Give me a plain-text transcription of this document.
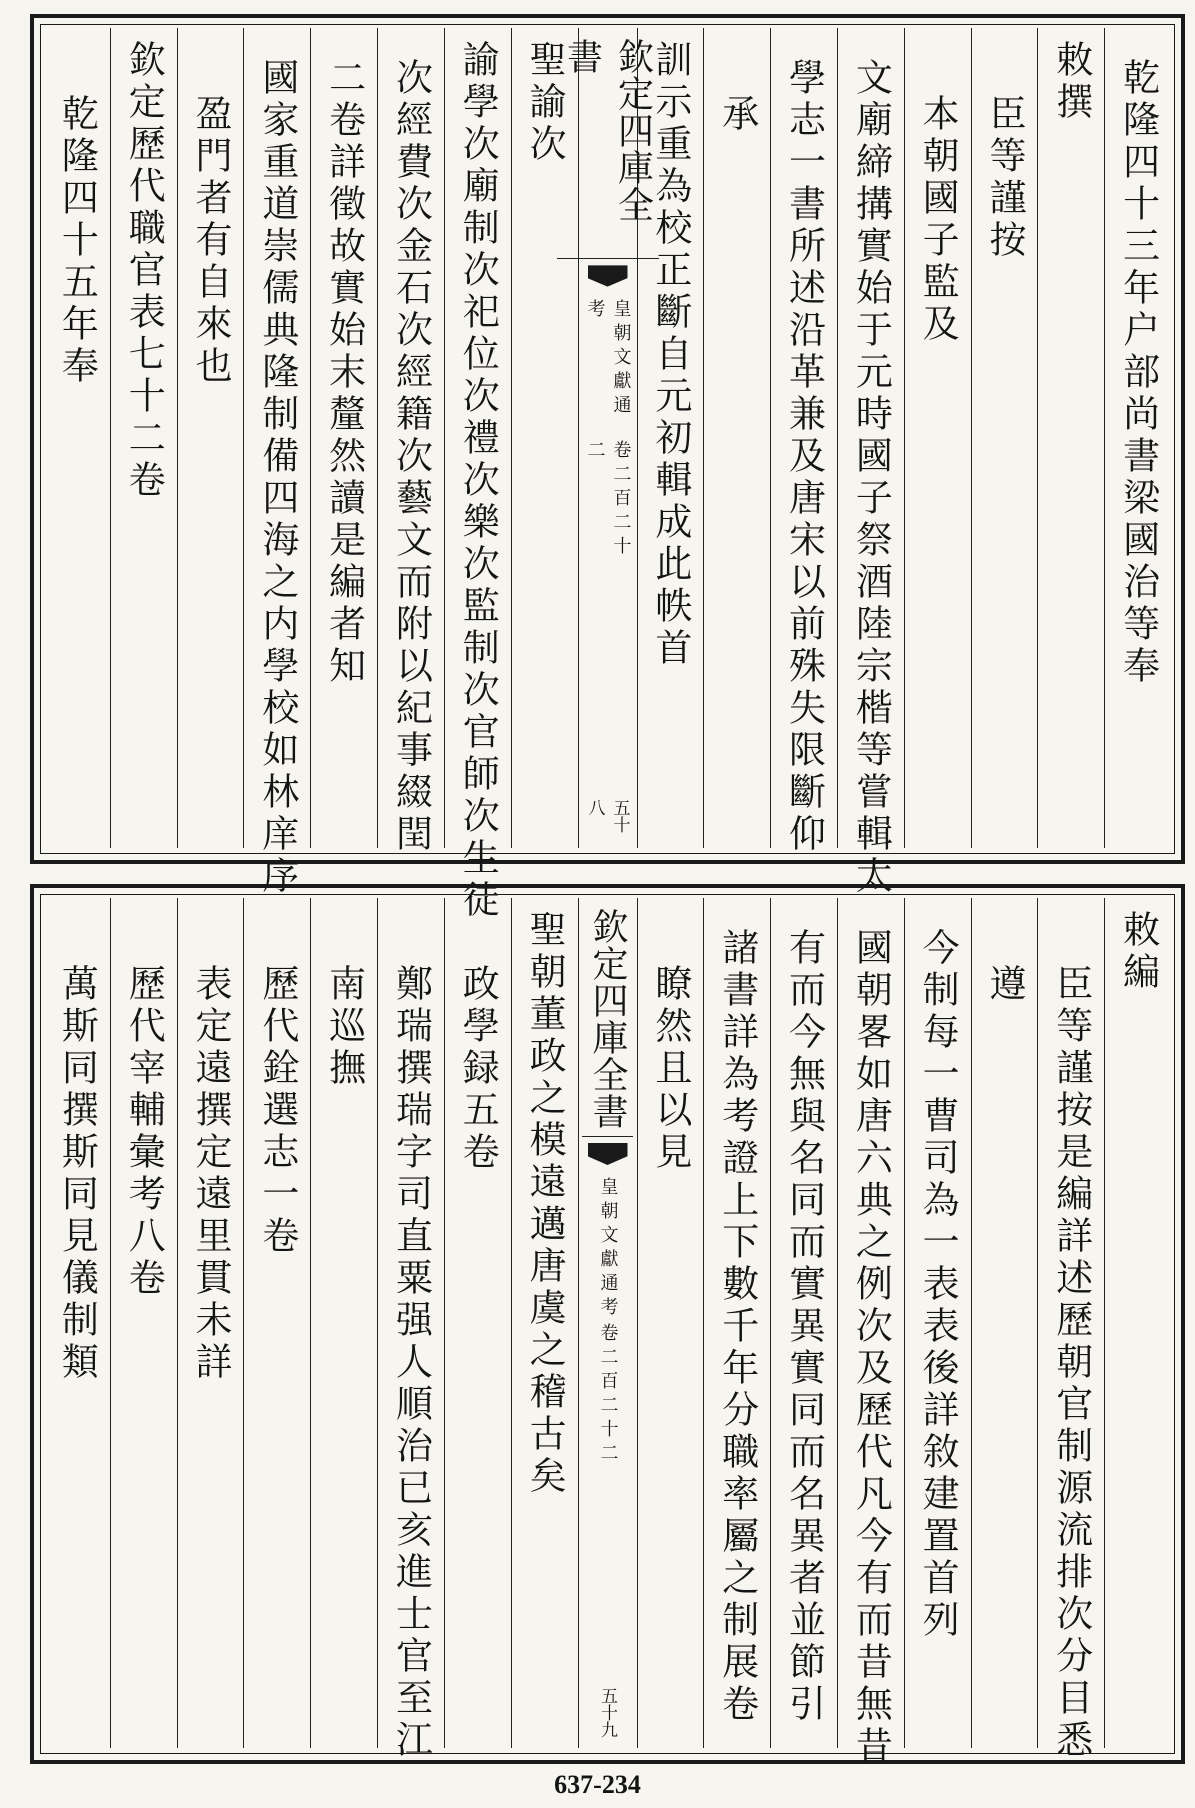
乾隆四十三年户部尚書梁國治等奉
敕撰
臣等謹按
本朝國子監及
文廟締搆實始于元時國子祭酒陸宗楷等嘗輯太
學志一書所述沿革兼及唐宋以前殊失限斷仰
承
訓示重為校正斷自元初輯成此帙首
欽定四庫全書
皇朝文獻通考
卷二百二十二
五十八
聖諭次
諭學次廟制次祀位次禮次樂次監制次官師次生徒
次經費次金石次經籍次藝文而附以紀事綴閏
二卷詳徵故實始末釐然讀是編者知
國家重道崇儒典隆制備四海之内學校如林庠序
盈門者有自來也
欽定歷代職官表七十二卷
乾隆四十五年奉
敕編
臣等謹按是編詳述歷朝官制源流排次分目悉
遵
今制每一曹司為一表表後詳敘建置首列
國朝畧如唐六典之例次及歷代凡今有而昔無昔
有而今無與名同而實異實同而名異者並節引
諸書詳為考證上下數千年分職率屬之制展卷
瞭然且以見
欽定四庫全書
皇朝文獻通考
卷二百二十二
五十九
聖朝董政之模遠邁唐虞之稽古矣
政學録五卷
鄭瑞撰瑞字司直粟强人順治已亥進士官至江
南巡撫
歷代銓選志一卷
表定遠撰定遠里貫未詳
歷代宰輔彙考八卷
萬斯同撰斯同見儀制類
637-234
